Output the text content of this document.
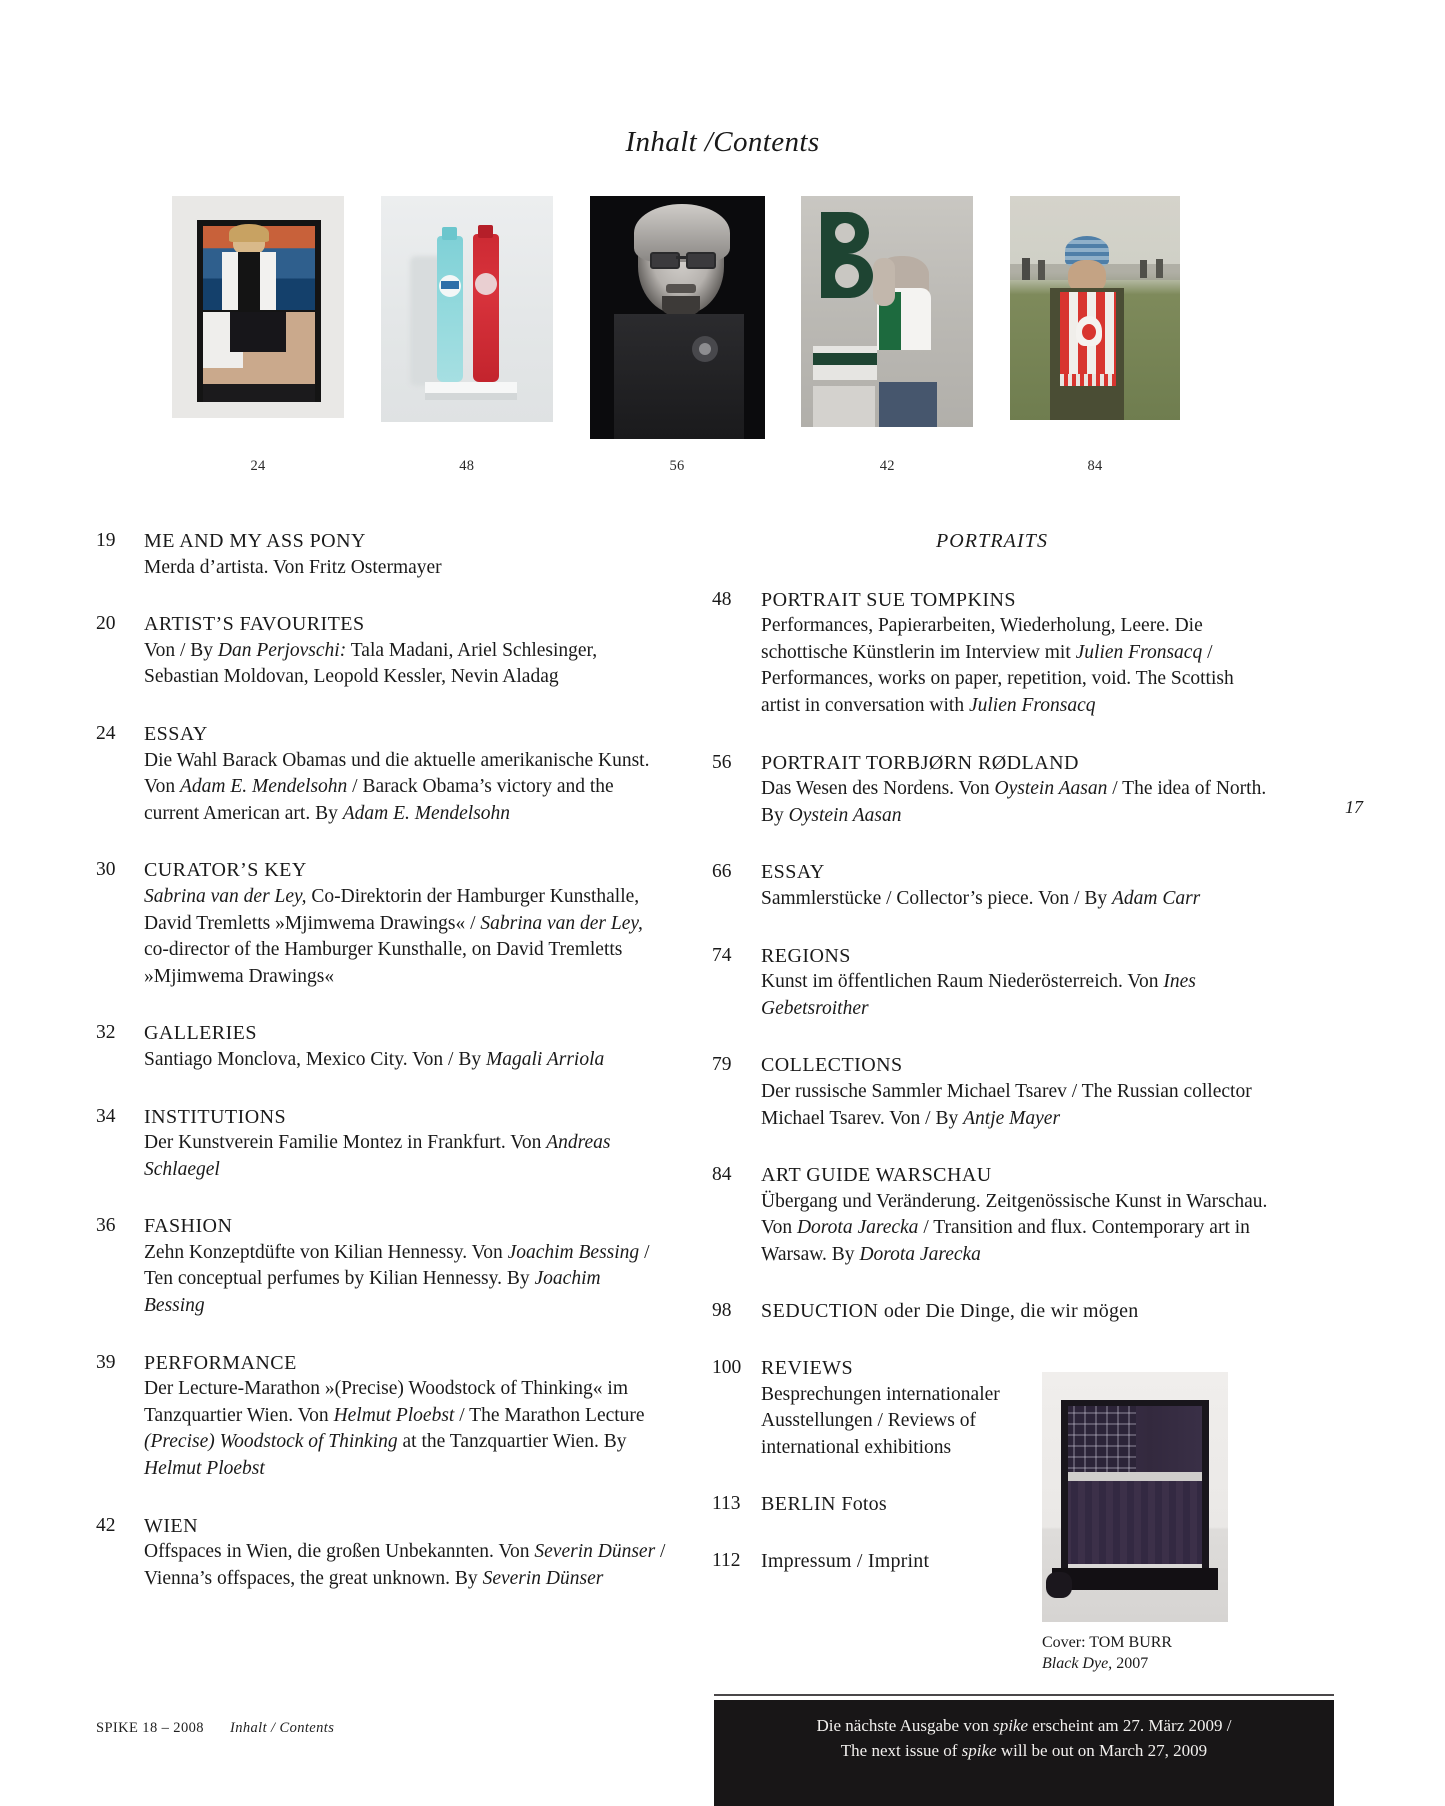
Inhalt /Contents
24	48	56	42	84
19	ME AND MY ASS PONY
Merda d’artista. Von Fritz Ostermayer
20	ARTIST’S FAVOURITES
Von / By Dan Perjovschi: Tala Madani, Ariel Schlesinger, Sebastian Moldovan, Leopold Kessler, Nevin Aladag
24	ESSAY
Die Wahl Barack Obamas und die aktuelle amerikanische Kunst. Von Adam E. Mendelsohn / Barack Obama’s victory and the current American art. By Adam E. Mendelsohn
30	CURATOR’S KEY
Sabrina van der Ley, Co-Direktorin der Hamburger Kunsthalle, David Tremletts »Mjimwema Drawings« / Sabrina van der Ley, co-director of the Hamburger Kunsthalle, on David Tremletts »Mjimwema Drawings«
32	GALLERIES
Santiago Monclova, Mexico City. Von / By Magali Arriola
34	INSTITUTIONS
Der Kunstverein Familie Montez in Frankfurt. Von Andreas Schlaegel
36	FASHION
Zehn Konzeptdüfte von Kilian Hennessy. Von Joachim Bessing / Ten conceptual perfumes by Kilian Hennessy. By Joachim Bessing
39	PERFORMANCE
Der Lecture-Marathon »(Precise) Woodstock of Thinking« im Tanzquartier Wien. Von Helmut Ploebst / The Marathon Lecture (Precise) Woodstock of Thinking at the Tanzquartier Wien. By Helmut Ploebst
42	WIEN
Offspaces in Wien, die großen Unbekannten. Von Severin Dünser / Vienna’s offspaces, the great unknown. By Severin Dünser
PORTRAITS
48	PORTRAIT SUE TOMPKINS
Performances, Papierarbeiten, Wiederholung, Leere. Die schottische Künstlerin im Interview mit Julien Fronsacq / Performances, works on paper, repetition, void. The Scottish artist in conversation with Julien Fronsacq
56	PORTRAIT TORBJØRN RØDLAND
Das Wesen des Nordens. Von Oystein Aasan / The idea of North. By Oystein Aasan
66	ESSAY
Sammlerstücke / Collector’s piece. Von / By Adam Carr
74	REGIONS
Kunst im öffentlichen Raum Niederösterreich. Von Ines Gebetsroither
79	COLLECTIONS
Der russische Sammler Michael Tsarev / The Russian collector Michael Tsarev. Von / By Antje Mayer
84	ART GUIDE WARSCHAU
Übergang und Veränderung. Zeitgenössische Kunst in Warschau. Von Dorota Jarecka / Transition and flux. Contemporary art in Warsaw. By Dorota Jarecka
98	SEDUCTION oder Die Dinge, die wir mögen
100 REVIEWS
Besprechungen internationaler Ausstellungen / Reviews of international exhibitions
113	BERLIN Fotos
112	Impressum / Imprint
17
Cover: TOM BURR
Black Dye, 2007
Die nächste Ausgabe von spike erscheint am 27. März 2009 /
The next issue of spike will be out on March 27, 2009
SPIKE 18 – 2008 Inhalt / Contents
